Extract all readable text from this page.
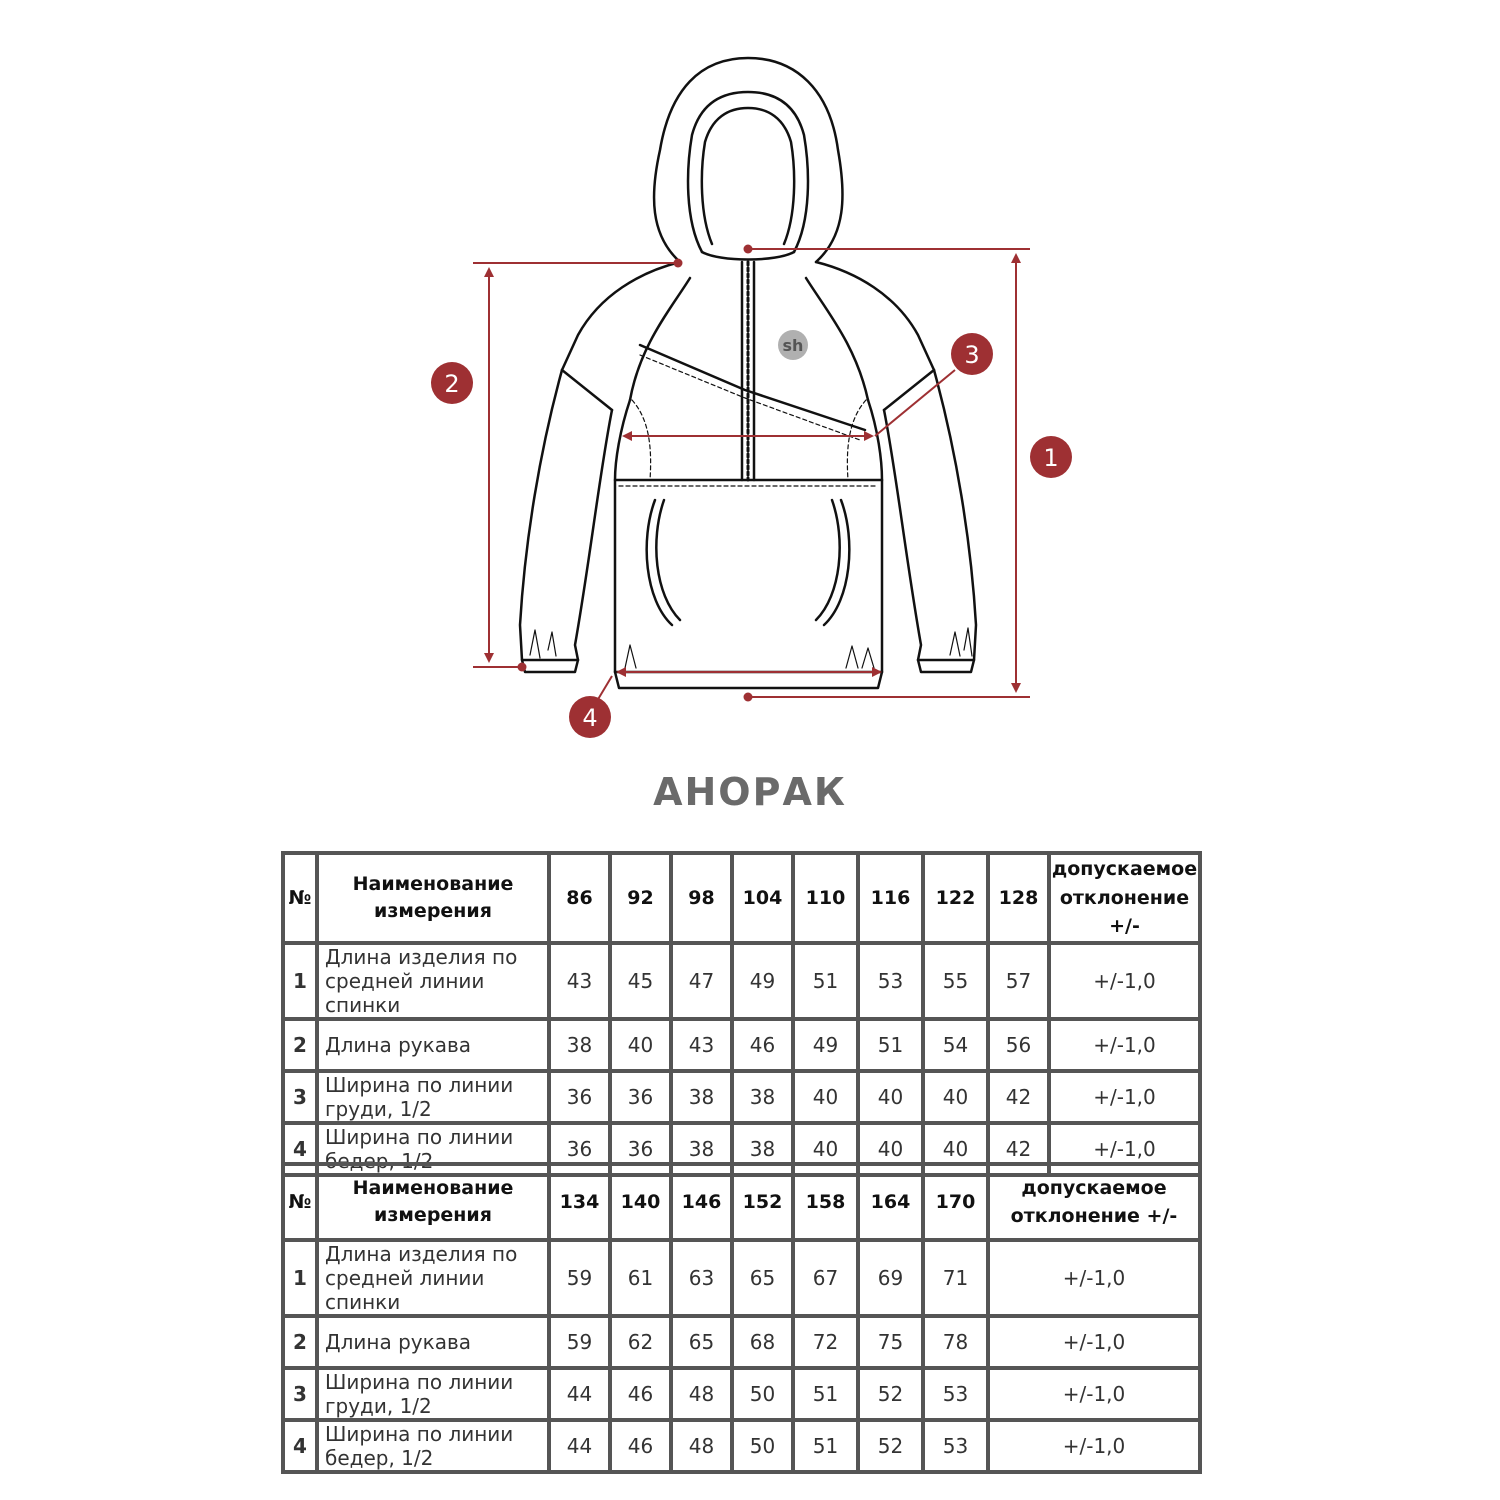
sh
1
2
3
4
АНОРАК
№	Наименование измерения	86	92	98	104	110	116	122	128	допускаемое отклонение +/-
1	Длина изделия по средней линии спинки	43	45	47	49	51	53	55	57	+/-1,0
2	Длина рукава	38	40	43	46	49	51	54	56	+/-1,0
3	Ширина по линии груди, 1/2	36	36	38	38	40	40	40	42	+/-1,0
4	Ширина по линии бедер, 1/2	36	36	38	38	40	40	40	42	+/-1,0
№	Наименование измерения	134	140	146	152	158	164	170	допускаемое отклонение +/-
1	Длина изделия по средней линии спинки	59	61	63	65	67	69	71	+/-1,0
2	Длина рукава	59	62	65	68	72	75	78	+/-1,0
3	Ширина по линии груди, 1/2	44	46	48	50	51	52	53	+/-1,0
4	Ширина по линии бедер, 1/2	44	46	48	50	51	52	53	+/-1,0
